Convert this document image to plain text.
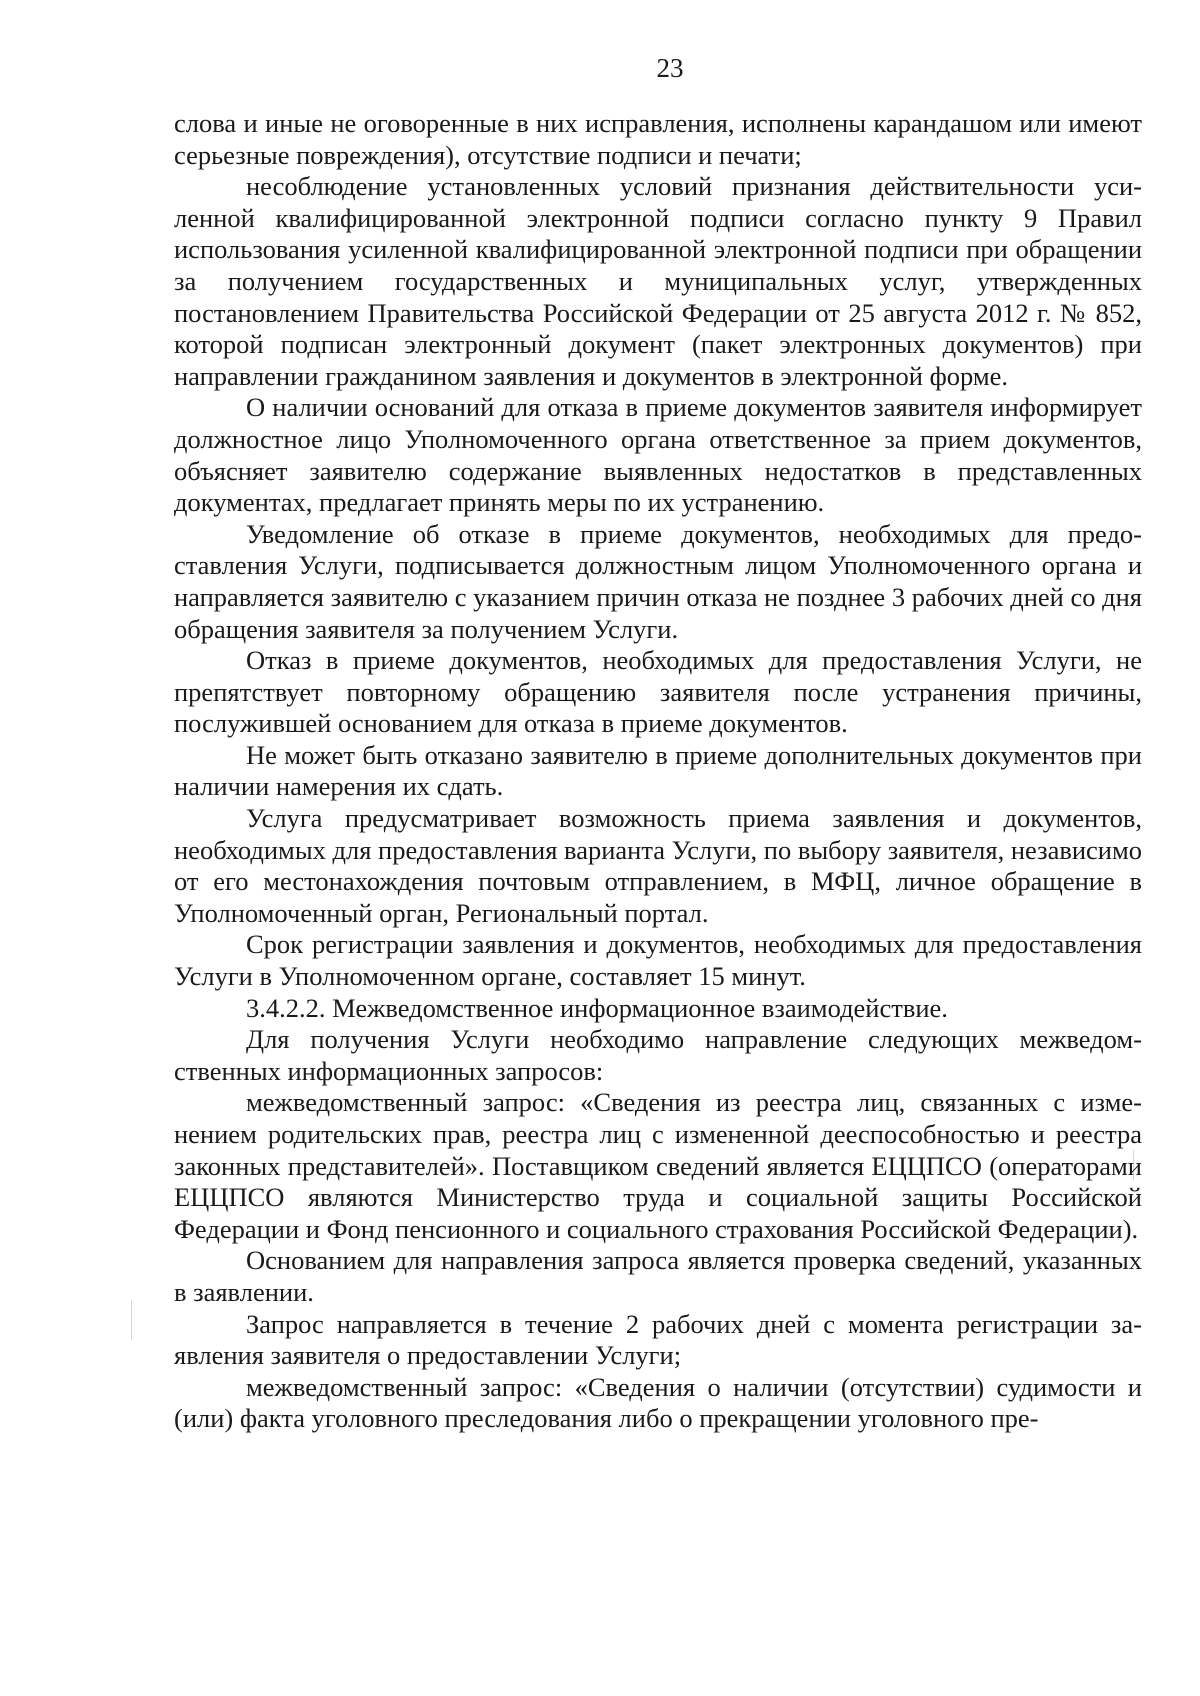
23

слова и иные не оговоренные в них исправления, исполнены карандашом или имеют серьезные повреждения), отсутствие подписи и печати;

несоблюдение установленных условий признания действительности усиленной квалифицированной электронной подписи согласно пункту 9 Правил использования усиленной квалифицированной электронной подписи при обращении за получением государственных и муниципальных услуг, утвержденных постановлением Правительства Российской Федерации от 25 августа 2012 г. № 852, которой подписан электронный документ (пакет электронных документов) при направлении гражданином заявления и документов в электронной форме.

О наличии оснований для отказа в приеме документов заявителя информирует должностное лицо Уполномоченного органа ответственное за прием документов, объясняет заявителю содержание выявленных недостатков в представленных документах, предлагает принять меры по их устранению.

Уведомление об отказе в приеме документов, необходимых для предоставления Услуги, подписывается должностным лицом Уполномоченного органа и направляется заявителю с указанием причин отказа не позднее 3 рабочих дней со дня обращения заявителя за получением Услуги.

Отказ в приеме документов, необходимых для предоставления Услуги, не препятствует повторному обращению заявителя после устранения причины, послужившей основанием для отказа в приеме документов.

Не может быть отказано заявителю в приеме дополнительных документов при наличии намерения их сдать.

Услуга предусматривает возможность приема заявления и документов, необходимых для предоставления варианта Услуги, по выбору заявителя, независимо от его местонахождения почтовым отправлением, в МФЦ, личное обращение в Уполномоченный орган, Региональный портал.

Срок регистрации заявления и документов, необходимых для предоставления Услуги в Уполномоченном органе, составляет 15 минут.

3.4.2.2. Межведомственное информационное взаимодействие.

Для получения Услуги необходимо направление следующих межведомственных информационных запросов:

межведомственный запрос: «Сведения из реестра лиц, связанных с изменением родительских прав, реестра лиц с измененной дееспособностью и реестра законных представителей». Поставщиком сведений является ЕЦЦПСО (операторами ЕЦЦПСО являются Министерство труда и социальной защиты Российской Федерации и Фонд пенсионного и социального страхования Российской Федерации).

Основанием для направления запроса является проверка сведений, указанных в заявлении.

Запрос направляется в течение 2 рабочих дней с момента регистрации заявления заявителя о предоставлении Услуги;

межведомственный запрос: «Сведения о наличии (отсутствии) судимости и (или) факта уголовного преследования либо о прекращении уголовного пре-
